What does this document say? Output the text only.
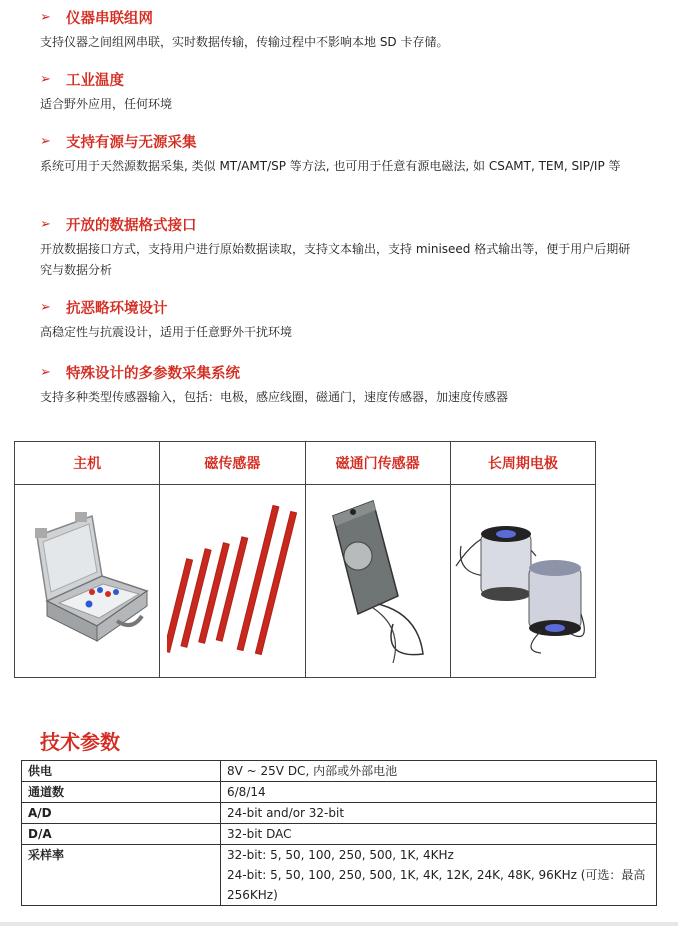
➢	仪器串联组网
支持仪器之间组网串联，实时数据传输，传输过程中不影响本地 SD 卡存储。
➢	工业温度
适合野外应用，任何环境
➢	支持有源与无源采集
系统可用于天然源数据采集, 类似 MT/AMT/SP 等方法, 也可用于任意有源电磁法, 如 CSAMT, TEM, SIP/IP 等
➢	开放的数据格式接口
开放数据接口方式，支持用户进行原始数据读取，支持文本输出，支持 miniseed 格式输出等，便于用户后期研究与数据分析
➢	抗恶略环境设计
高稳定性与抗震设计，适用于任意野外干扰环境
➢	特殊设计的多参数采集系统
支持多种类型传感器输入，包括：电极，感应线圈，磁通门，速度传感器，加速度传感器
主机	磁传感器	磁通门传感器	长周期电极

技术参数
供电	8V ~ 25V DC, 内部或外部电池
通道数	6/8/14
A/D	24-bit and/or 32-bit
D/A	32-bit DAC
采样率	32-bit: 5, 50, 100, 250, 500, 1K, 4KHz
24-bit: 5, 50, 100, 250, 500, 1K, 4K, 12K, 24K, 48K, 96KHz (可选：最高
256KHz)
